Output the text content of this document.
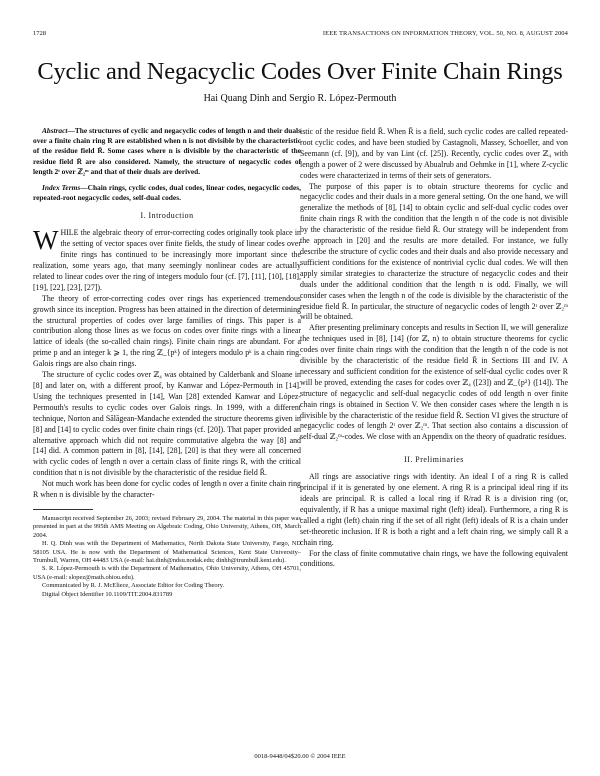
1728	IEEE TRANSACTIONS ON INFORMATION THEORY, VOL. 50, NO. 8, AUGUST 2004
Cyclic and Negacyclic Codes Over Finite Chain Rings
Hai Quang Dinh and Sergio R. López-Permouth

Abstract—The structures of cyclic and negacyclic codes of length n and their duals over a finite chain ring R are established when n is not divisible by the characteristic of the residue field R̄. Some cases where n is divisible by the characteristic of the residue field R̄ are also considered. Namely, the structure of negacyclic codes of length 2ᵗ over ℤ₂ᵐ and that of their duals are derived.

Index Terms—Chain rings, cyclic codes, dual codes, linear codes, negacyclic codes, repeated-root negacyclic codes, self-dual codes.

I. Introduction

WHILE the algebraic theory of error-correcting codes originally took place in the setting of vector spaces over finite fields, the study of linear codes over finite rings has continued to be increasingly more important since the realization, some years ago, that many seemingly nonlinear codes are actually related to linear codes over the ring of integers modulo four (cf. [7], [11], [10], [18], [19], [22], [23], [27]).

The theory of error-correcting codes over rings has experienced tremendous growth since its inception. Progress has been attained in the direction of determining the structural properties of codes over large families of rings. This paper is a contribution along those lines as we focus on codes over finite rings with a linear lattice of ideals (the so-called chain rings). Finite chain rings are abundant. For a prime p and an integer k ⩾ 1, the ring ℤ_{pᵏ} of integers modulo pᵏ is a chain ring. Galois rings are also chain rings.

The structure of cyclic codes over ℤ₄ was obtained by Calderbank and Sloane in [8] and later on, with a different proof, by Kanwar and López-Permouth in [14]. Using the techniques presented in [14], Wan [28] extended Kanwar and López-Permouth's results to cyclic codes over Galois rings. In 1999, with a different technique, Norton and Sălăgean-Mandache extended the structure theorems given in [8] and [14] to cyclic codes over finite chain rings (cf. [20]). That paper provided an alternative approach which did not require commutative algebra the way [8] and [14] did. A common pattern in [8], [14], [28], [20] is that they were all concerned with cyclic codes of length n over a certain class of finite rings R, with the critical condition that n is not divisible by the characteristic of the residue field R̄.

Not much work has been done for cyclic codes of length n over a finite chain ring R when n is divisible by the character-

Manuscript received September 26, 2003; revised February 29, 2004. The material in this paper was presented in part at the 995th AMS Meeting on Algebraic Coding, Ohio University, Athens, OH, March 2004.

H. Q. Dinh was with the Department of Mathematics, North Dakota State University, Fargo, ND 58105 USA. He is now with the Department of Mathematical Sciences, Kent State University–Trumbull, Warren, OH 44483 USA (e-mail: hai.dinh@ndsu.nodak.edu; dinhh@trumbull.kent.edu).

S. R. López-Permouth is with the Department of Mathematics, Ohio University, Athens, OH 45701, USA (e-mail: slopez@math.ohiou.edu).

Communicated by R. J. McEliece, Associate Editor for Coding Theory.

Digital Object Identifier 10.1109/TIT.2004.831789

istic of the residue field R̄. When R̄ is a field, such cyclic codes are called repeated-root cyclic codes, and have been studied by Castagnoli, Massey, Schoeller, and von Seemann (cf. [9]), and by van Lint (cf. [25]). Recently, cyclic codes over ℤ₄ with length a power of 2 were discussed by Abualrub and Oehmke in [1], where Z-cyclic codes were characterized in terms of their sets of generators.

The purpose of this paper is to obtain structure theorems for cyclic and negacyclic codes and their duals in a more general setting. On the one hand, we will generalize the methods of [8], [14] to obtain cyclic and self-dual cyclic codes over finite chain rings R with the condition that the length n of the code is not divisible by the characteristic of the residue field R̄. Our strategy will be independent from the approach in [20] and the results are more detailed. For instance, we fully describe the structure of cyclic codes and their duals and also provide necessary and sufficient conditions for the existence of nontrivial cyclic dual codes. We will then apply similar strategies to characterize the structure of negacyclic codes and their duals under the additional condition that the length n is odd. Finally, we will consider cases when the length n of the code is divisible by the characteristic of the residue field R̄. In particular, the structure of negacyclic codes of length 2ᵗ over ℤ₂ᵐ will be obtained.

After presenting preliminary concepts and results in Section II, we will generalize the techniques used in [8], [14] (for ℤ, n) to obtain structure theorems for cyclic codes over finite chain rings with the condition that the length n of the code is not divisible by the characteristic of the residue field R̄ in Sections III and IV. A necessary and sufficient condition for the existence of self-dual cyclic codes over R will be proved, extending the cases for codes over ℤ₄ ([23]) and ℤ_{p²} ([14]). The structure of negacyclic and self-dual negacyclic codes of odd length n over finite chain rings is obtained in Section V. We then consider cases where the length n is divisible by the characteristic of the residue field R̄. Section VI gives the structure of negacyclic codes of length 2ᵗ over ℤ₂ᵐ. That section also contains a discussion of self-dual ℤ₂ᵐ-codes. We close with an Appendix on the theory of quadratic residues.

II. Preliminaries

All rings are associative rings with identity. An ideal I of a ring R is called principal if it is generated by one element. A ring R is a principal ideal ring if its ideals are principal. R is called a local ring if R/rad R is a division ring (or, equivalently, if R has a unique maximal right (left) ideal). Furthermore, a ring R is called a right (left) chain ring if the set of all right (left) ideals of R is a chain under set-theoretic inclusion. If R is both a right and a left chain ring, we simply call R a chain ring.

For the class of finite commutative chain rings, we have the following equivalent conditions.

0018-9448/04$20.00 © 2004 IEEE
